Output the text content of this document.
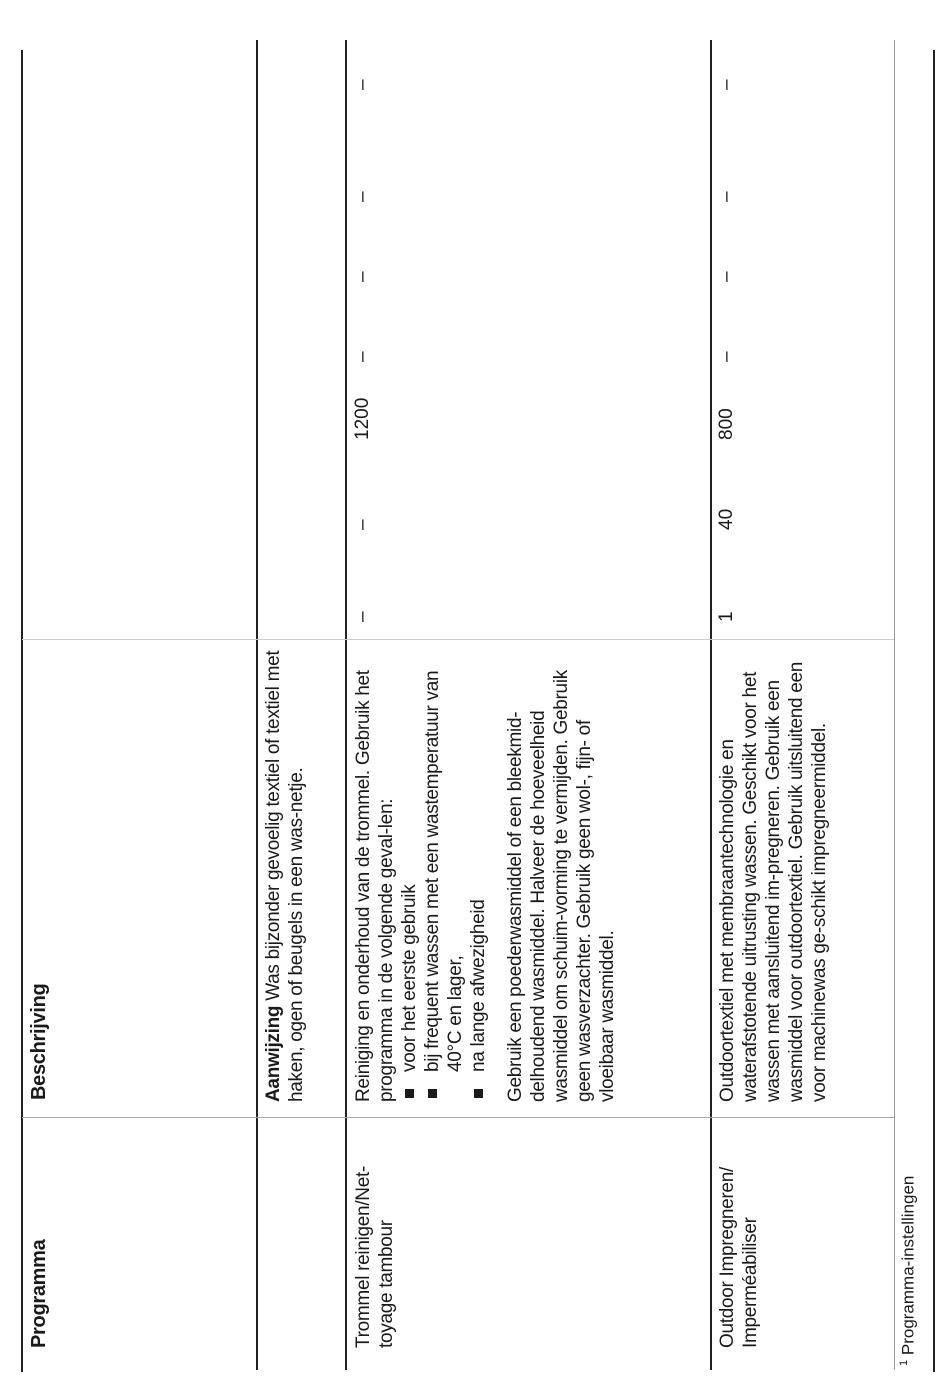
Programma
Beschrijving	Aanwijzing Was bijzonder gevoelig textiel of textiel met haken, ogen of beugels in een was-netje.
Trommel reinigen/Net-toyage tambour

Reiniging en onderhoud van de trommel. Gebruik het programma in de volgende geval-len: voor het eerste gebruik bij frequent wassen met een wastemperatuur van 40°C en lager, na lange afwezigheid Gebruik een poederwasmiddel of een bleekmid-delhoudend wasmiddel. Halveer de hoeveelheid wasmiddel om schuim-vorming te vermijden. Gebruik geen wasverzachter. Gebruik geen wol-, fijn- of vloeibaar wasmiddel.

–
–
1200
–
–
–
–
Outdoor Impregneren/ Imperméabiliser
Outdoortextiel met membraantechnologie en waterafstotende uitrusting wassen. Geschikt voor het wassen met aansluitend im-pregneren. Gebruik een wasmiddel voor outdoortextiel. Gebruik uitsluitend een voor machinewas ge-schikt impregneermiddel.
1
40
800
–
–
–
–
$^1$ Programma-instellingen
